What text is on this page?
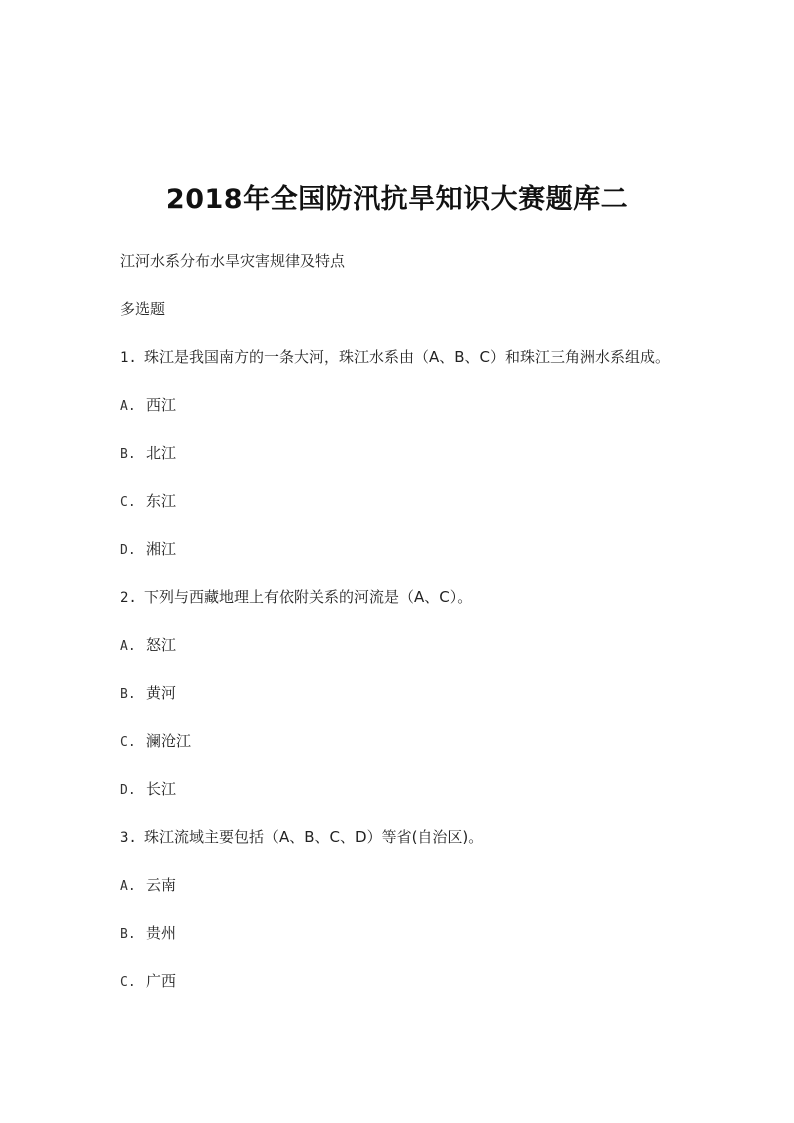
2018年全国防汛抗旱知识大赛题库二
江河水系分布水旱灾害规律及特点
多选题
1. 珠江是我国南方的一条大河，珠江水系由（A、B、C）和珠江三角洲水系组成。
A. 西江
B. 北江
C. 东江
D. 湘江
2. 下列与西藏地理上有依附关系的河流是（A、C）。
A. 怒江
B. 黄河
C. 澜沧江
D. 长江
3. 珠江流域主要包括（A、B、C、D）等省(自治区)。
A. 云南
B. 贵州
C. 广西
